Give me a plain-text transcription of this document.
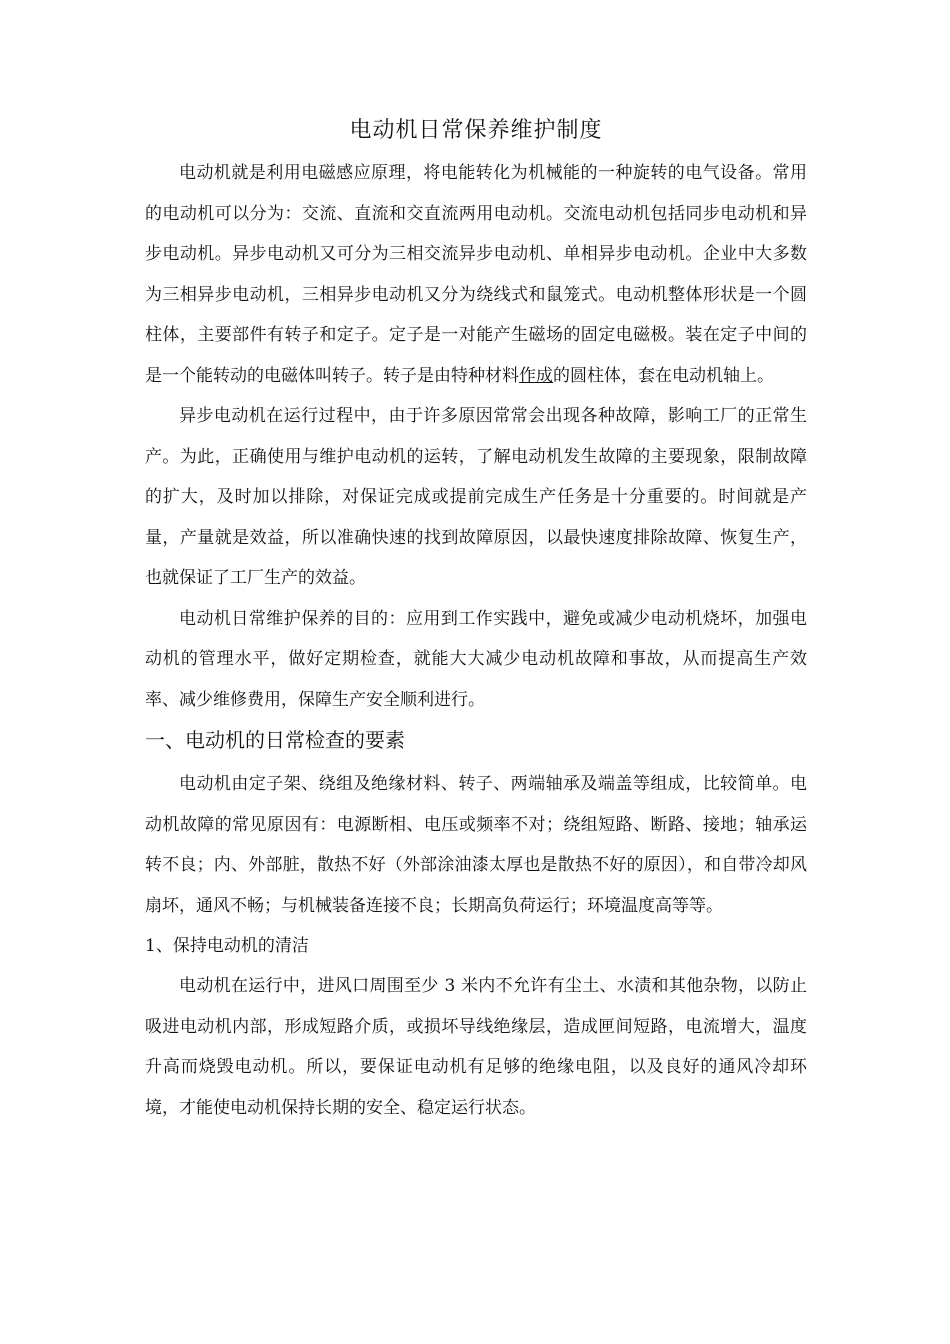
电动机日常保养维护制度

电动机就是利用电磁感应原理，将电能转化为机械能的一种旋转的电气设备。常用的电动机可以分为：交流、直流和交直流两用电动机。交流电动机包括同步电动机和异步电动机。异步电动机又可分为三相交流异步电动机、单相异步电动机。企业中大多数为三相异步电动机，三相异步电动机又分为绕线式和鼠笼式。电动机整体形状是一个圆柱体，主要部件有转子和定子。定子是一对能产生磁场的固定电磁极。装在定子中间的是一个能转动的电磁体叫转子。转子是由特种材料作成的圆柱体，套在电动机轴上。

异步电动机在运行过程中，由于许多原因常常会出现各种故障，影响工厂的正常生产。为此，正确使用与维护电动机的运转，了解电动机发生故障的主要现象，限制故障的扩大，及时加以排除，对保证完成或提前完成生产任务是十分重要的。时间就是产量，产量就是效益，所以准确快速的找到故障原因，以最快速度排除故障、恢复生产，也就保证了工厂生产的效益。

电动机日常维护保养的目的：应用到工作实践中，避免或减少电动机烧坏，加强电动机的管理水平，做好定期检查，就能大大减少电动机故障和事故，从而提高生产效率、减少维修费用，保障生产安全顺利进行。

一、电动机的日常检查的要素

电动机由定子架、绕组及绝缘材料、转子、两端轴承及端盖等组成，比较简单。电动机故障的常见原因有：电源断相、电压或频率不对；绕组短路、断路、接地；轴承运转不良；内、外部脏，散热不好（外部涂油漆太厚也是散热不好的原因），和自带冷却风扇坏，通风不畅；与机械装备连接不良；长期高负荷运行；环境温度高等等。

1、保持电动机的清洁

电动机在运行中，进风口周围至少 3 米内不允许有尘土、水渍和其他杂物，以防止吸进电动机内部，形成短路介质，或损坏导线绝缘层，造成匣间短路，电流增大，温度升高而烧毁电动机。所以，要保证电动机有足够的绝缘电阻，以及良好的通风冷却环境，才能使电动机保持长期的安全、稳定运行状态。
